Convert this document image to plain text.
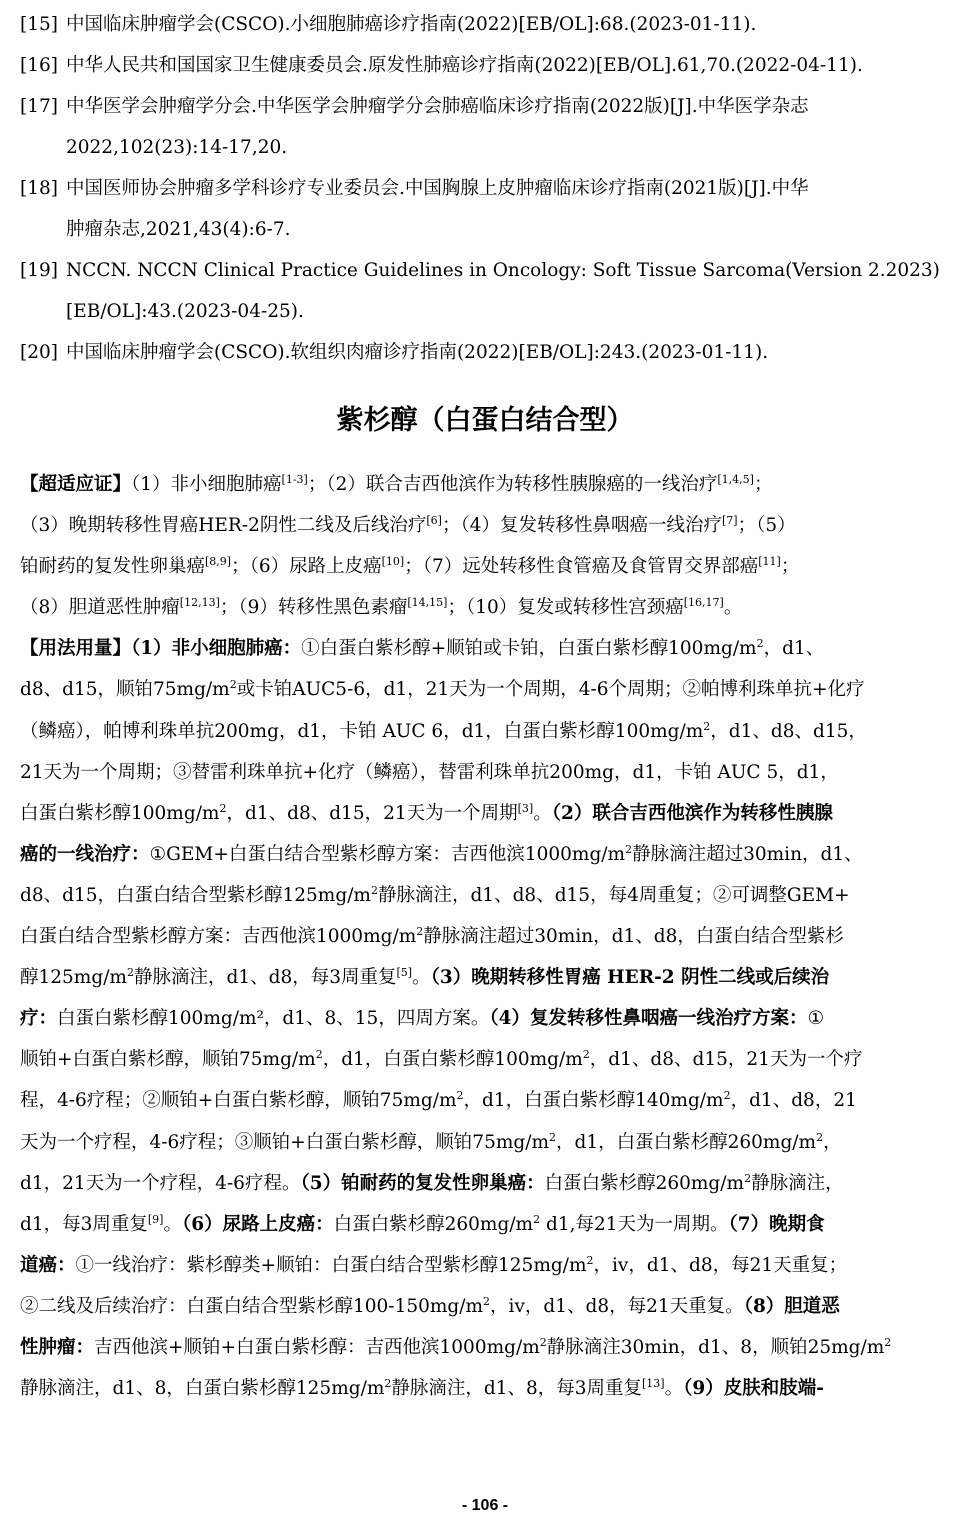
[15] 中国临床肿瘤学会(CSCO).小细胞肺癌诊疗指南(2022)[EB/OL]:68.(2023-01-11).
[16] 中华人民共和国国家卫生健康委员会.原发性肺癌诊疗指南(2022)[EB/OL].61,70.(2022-04-11).
[17] 中华医学会肿瘤学分会.中华医学会肿瘤学分会肺癌临床诊疗指南(2022版)[J].中华医学杂志
2022,102(23):14-17,20.
[18] 中国医师协会肿瘤多学科诊疗专业委员会.中国胸腺上皮肿瘤临床诊疗指南(2021版)[J].中华
肿瘤杂志,2021,43(4):6-7.
[19] NCCN. NCCN Clinical Practice Guidelines in Oncology: Soft Tissue Sarcoma(Version 2.2023)
[EB/OL]:43.(2023-04-25).
[20] 中国临床肿瘤学会(CSCO).软组织肉瘤诊疗指南(2022)[EB/OL]:243.(2023-01-11).
紫杉醇（白蛋白结合型）
【超适应证】（1）非小细胞肺癌[1-3]；（2）联合吉西他滨作为转移性胰腺癌的一线治疗[1,4,5]；
（3）晚期转移性胃癌HER-2阴性二线及后线治疗[6]；（4）复发转移性鼻咽癌一线治疗[7]；（5）
铂耐药的复发性卵巢癌[8,9]；（6）尿路上皮癌[10]；（7）远处转移性食管癌及食管胃交界部癌[11]；
（8）胆道恶性肿瘤[12,13]；（9）转移性黑色素瘤[14,15]；（10）复发或转移性宫颈癌[16,17]。
【用法用量】（1）非小细胞肺癌：①白蛋白紫杉醇+顺铂或卡铂，白蛋白紫杉醇$100mg/m^2$，d1、
d8、d15，顺铂$75mg/m^2$或卡铂AUC5-6，d1，21天为一个周期，4-6个周期；②帕博利珠单抗+化疗
（鳞癌），帕博利珠单抗200mg，d1，卡铂 AUC 6，d1，白蛋白紫杉醇$100mg/m^2$，d1、d8、d15，
21天为一个周期；③替雷利珠单抗+化疗（鳞癌），替雷利珠单抗200mg，d1，卡铂 AUC 5，d1，
白蛋白紫杉醇$100mg/m^2$，d1、d8、d15，21天为一个周期[3]。（2）联合吉西他滨作为转移性胰腺
癌的一线治疗：①GEM+白蛋白结合型紫杉醇方案：吉西他滨$1000mg/m^2$静脉滴注超过30min，d1、
d8、d15，白蛋白结合型紫杉醇$125mg/m^2$静脉滴注，d1、d8、d15，每4周重复；②可调整GEM+
白蛋白结合型紫杉醇方案：吉西他滨$1000mg/m^2$静脉滴注超过30min，d1、d8，白蛋白结合型紫杉
醇$125mg/m^2$静脉滴注，d1、d8，每3周重复[5]。（3）晚期转移性胃癌 HER-2 阴性二线或后续治
疗：白蛋白紫杉醇100mg/m²，d1、8、15，四周方案。（4）复发转移性鼻咽癌一线治疗方案：①
顺铂+白蛋白紫杉醇，顺铂$75mg/m^2$，d1，白蛋白紫杉醇$100mg/m^2$，d1、d8、d15，21天为一个疗
程，4-6疗程；②顺铂+白蛋白紫杉醇，顺铂$75mg/m^2$，d1，白蛋白紫杉醇$140mg/m^2$，d1、d8，21
天为一个疗程，4-6疗程；③顺铂+白蛋白紫杉醇，顺铂$75mg/m^2$，d1，白蛋白紫杉醇$260mg/m^2$，
d1，21天为一个疗程，4-6疗程。（5）铂耐药的复发性卵巢癌：白蛋白紫杉醇$260mg/m^2$静脉滴注，
d1，每3周重复[9]。（6）尿路上皮癌：白蛋白紫杉醇$260mg/m^2$ d1,每21天为一周期。（7）晚期食
道癌：①一线治疗：紫杉醇类+顺铂：白蛋白结合型紫杉醇$125mg/m^2$，iv，d1、d8，每21天重复；
②二线及后续治疗：白蛋白结合型紫杉醇$100-150mg/m^2$，iv，d1、d8，每21天重复。（8）胆道恶
性肿瘤：吉西他滨+顺铂+白蛋白紫杉醇：吉西他滨$1000mg/m^2$静脉滴注30min，d1、8，顺铂$25mg/m^2$
静脉滴注，d1、8，白蛋白紫杉醇$125mg/m^2$静脉滴注，d1、8，每3周重复[13]。（9）皮肤和肢端-
- 106 -
